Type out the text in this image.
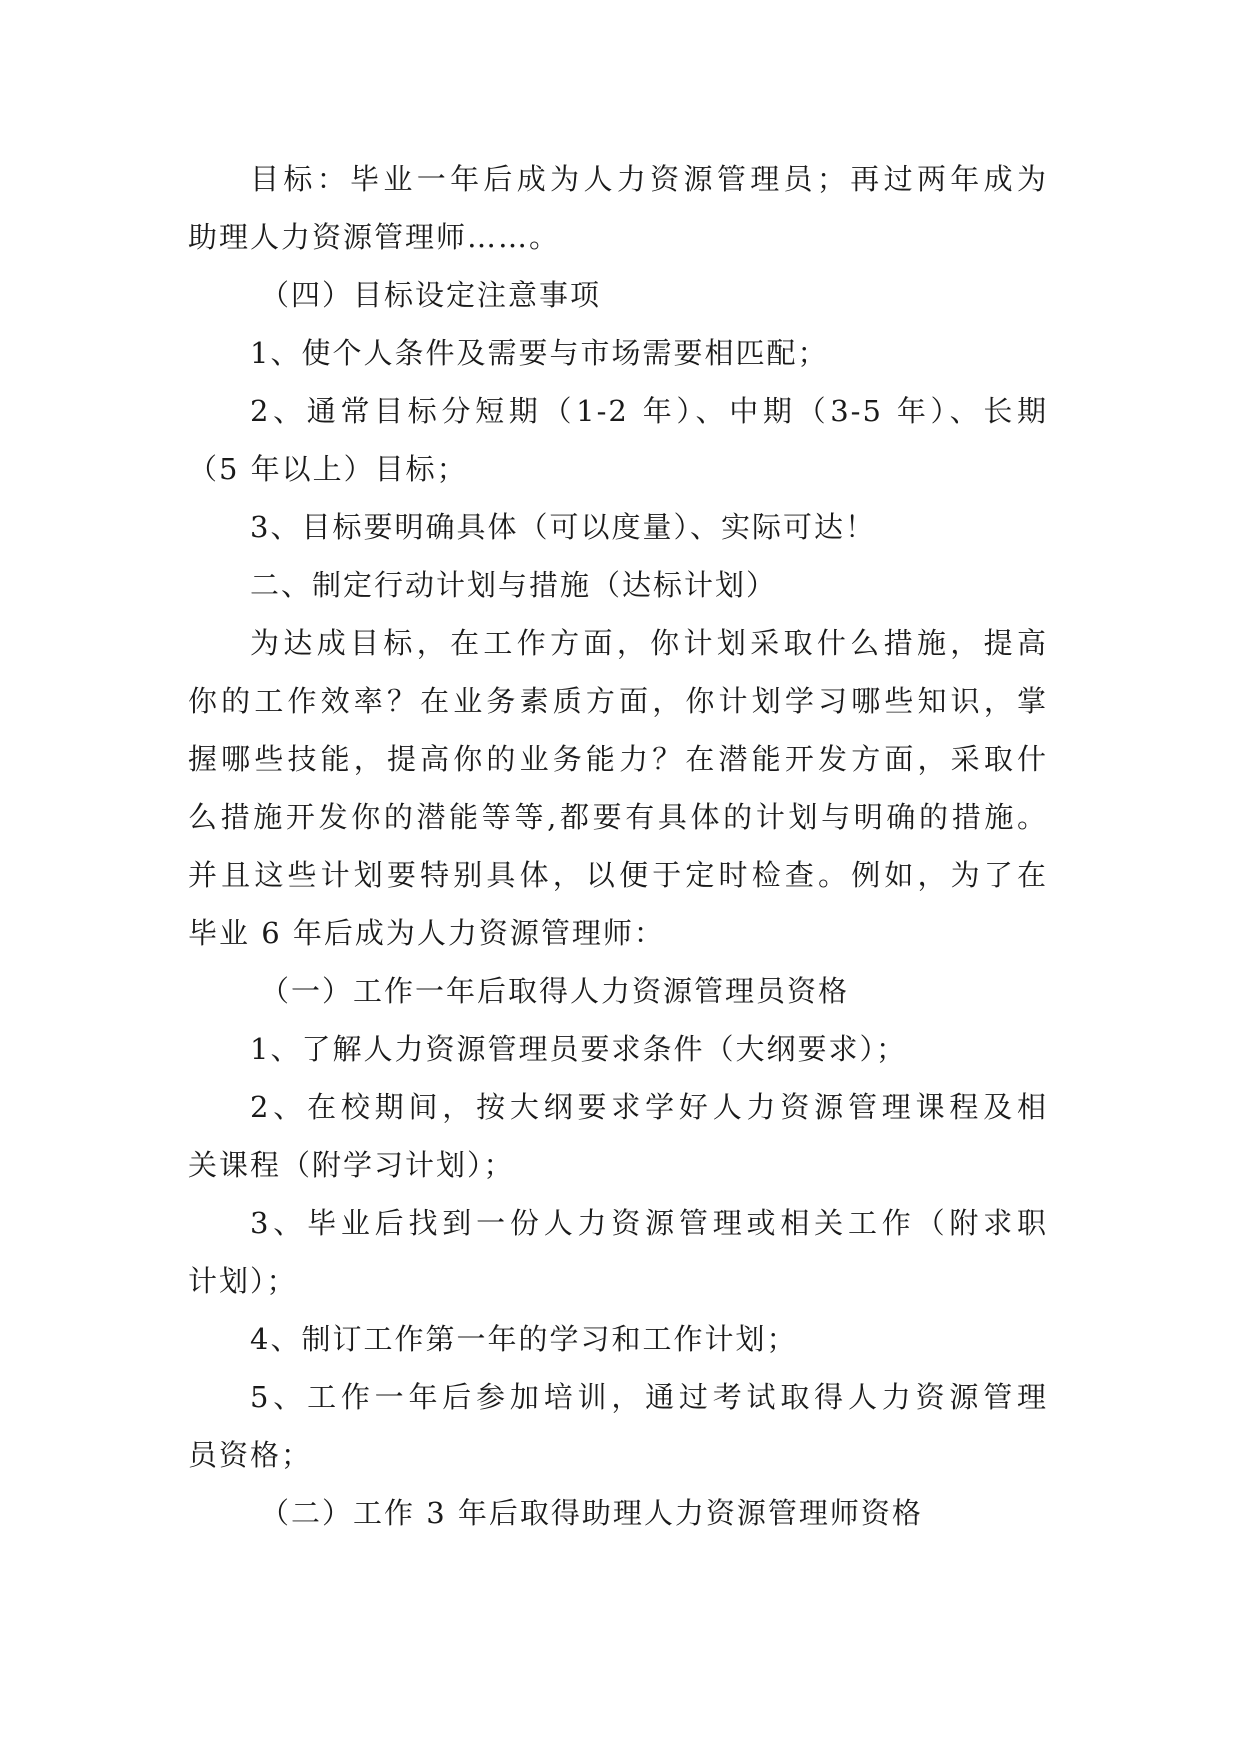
目标：毕业一年后成为人力资源管理员；再过两年成为
助理人力资源管理师……。
（四）目标设定注意事项
1、使个人条件及需要与市场需要相匹配；
2、通常目标分短期（1-2 年）、中期（3-5 年）、长期
（5 年以上）目标；
3、目标要明确具体（可以度量）、实际可达！
二、制定行动计划与措施（达标计划）
为达成目标，在工作方面，你计划采取什么措施，提高
你的工作效率？在业务素质方面，你计划学习哪些知识，掌
握哪些技能，提高你的业务能力？在潜能开发方面，采取什
么措施开发你的潜能等等,都要有具体的计划与明确的措施。
并且这些计划要特别具体，以便于定时检查。例如，为了在
毕业 6 年后成为人力资源管理师：
（一）工作一年后取得人力资源管理员资格
1、了解人力资源管理员要求条件（大纲要求）；
2、在校期间，按大纲要求学好人力资源管理课程及相
关课程（附学习计划）；
3、毕业后找到一份人力资源管理或相关工作（附求职
计划）；
4、制订工作第一年的学习和工作计划；
5、工作一年后参加培训，通过考试取得人力资源管理
员资格；
（二）工作 3 年后取得助理人力资源管理师资格
